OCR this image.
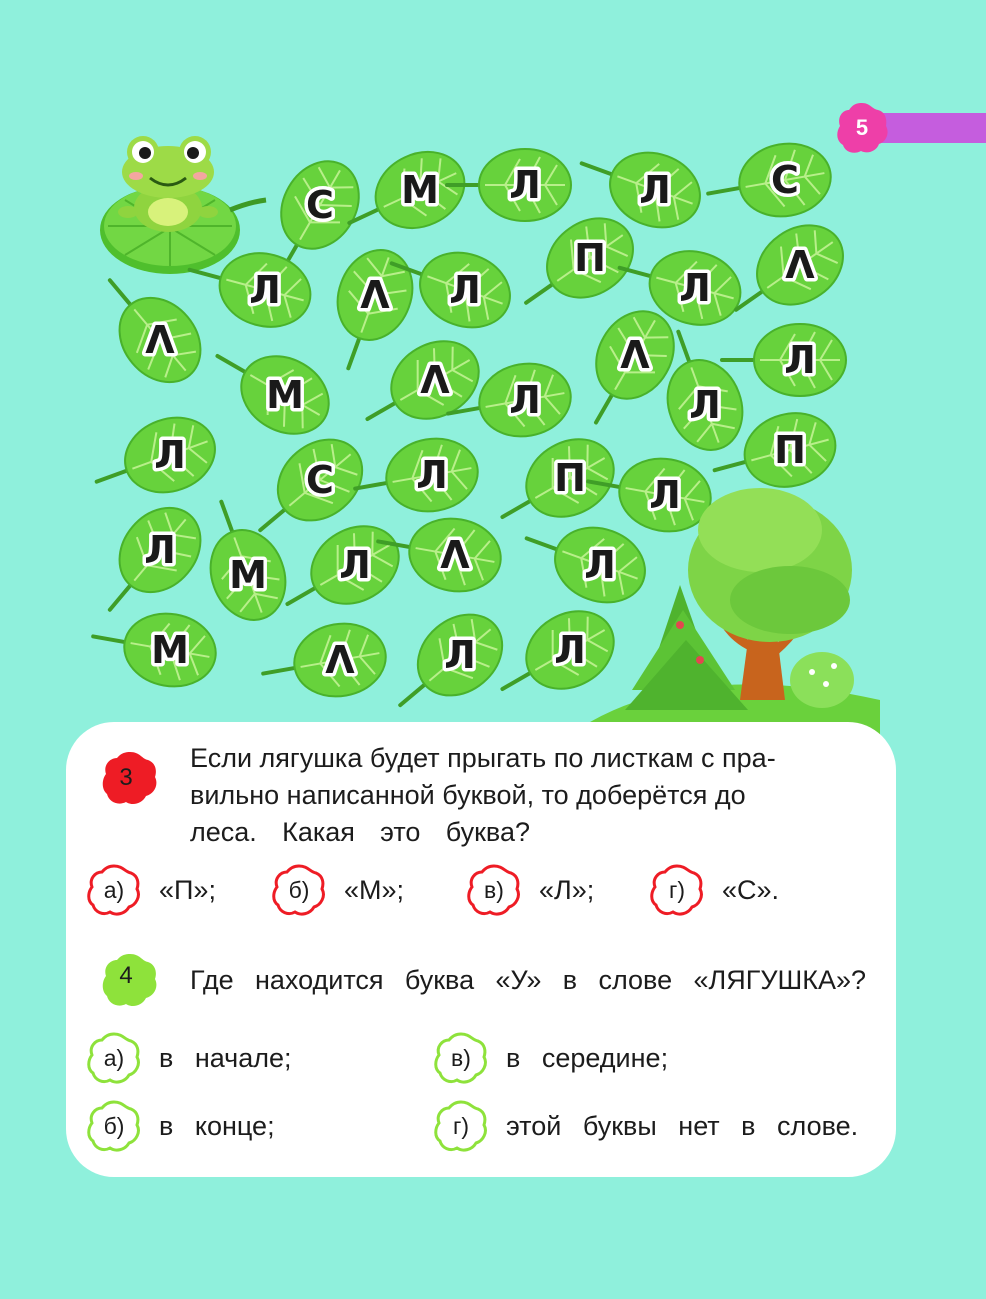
5
С М Л	Л	С
Л Ʌ Л
П
Л
Ʌ
Ʌ
Ʌ Л
Ʌ
Л
Л
М
Л
С Л	П Л
П
Л
М Л Ʌ	Л
М	Ʌ Л Л
3
Если лягушка будет прыгать по листкам с пра-
вильно написанной буквой, то доберётся до
леса. Какая это буква?
а)	«П»;	б)	«М»;	в)	«Л»;	г)	«С».
4	Где находится буква «У» в слове «ЛЯГУШКА»?
а)	в начале;	в)	в середине;
б)	в конце;	г)	этой буквы нет в слове.
